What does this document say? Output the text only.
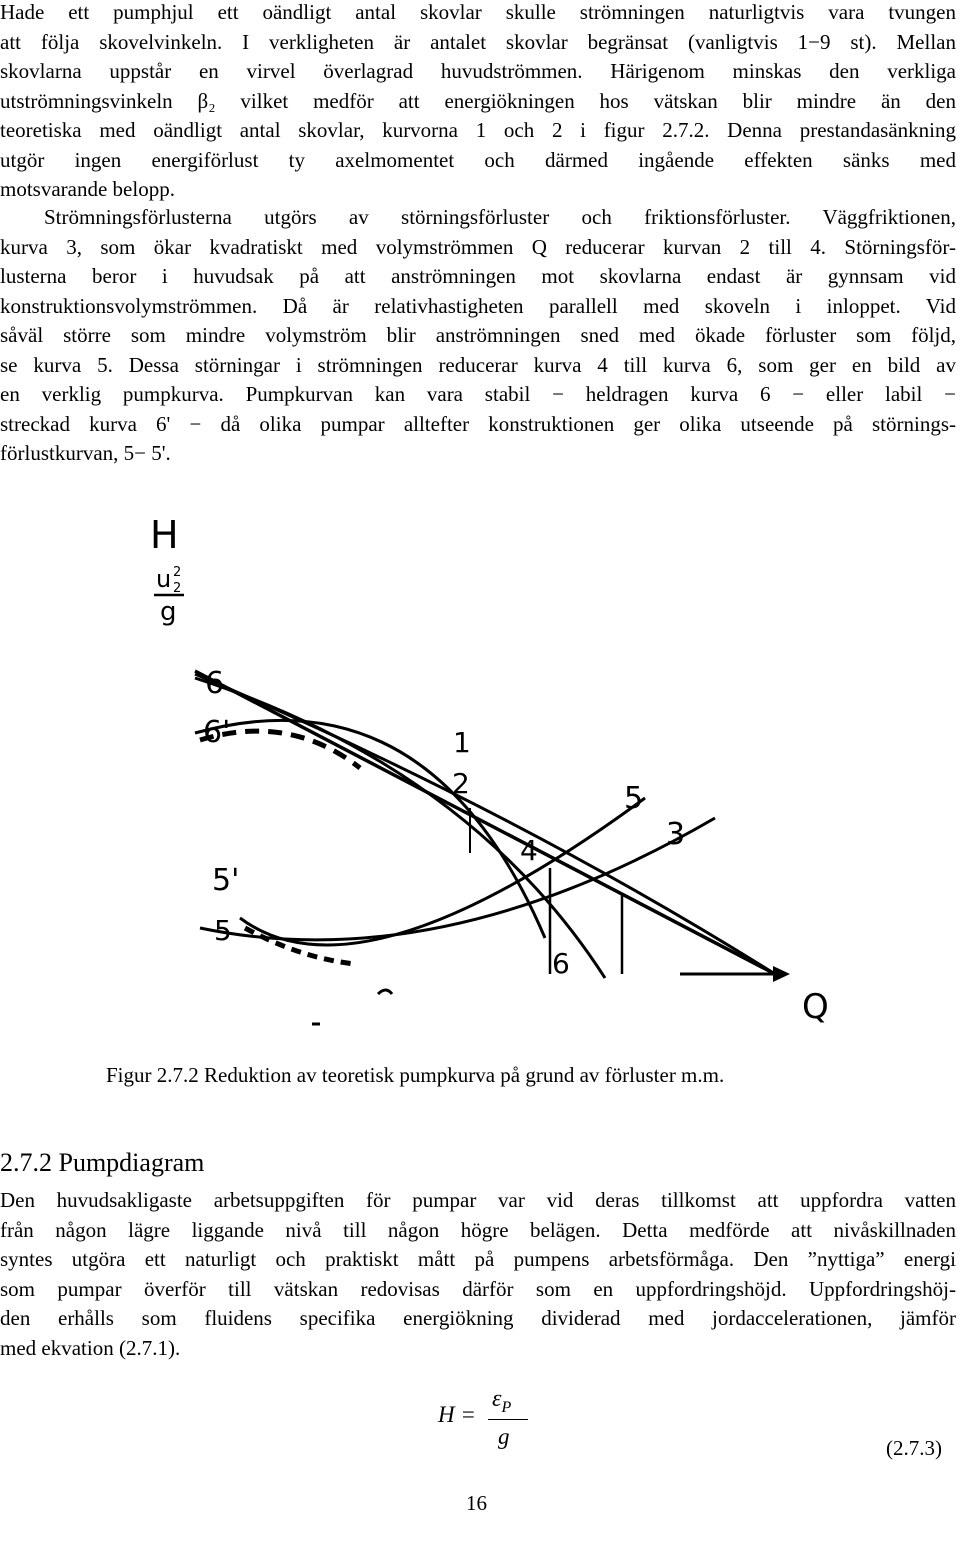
Hade ett pumphjul ett oändligt antal skovlar skulle strömningen naturligtvis vara tvungen
att följa skovelvinkeln. I verkligheten är antalet skovlar begränsat (vanligtvis 1−9 st). Mellan
skovlarna uppstår en virvel överlagrad huvudströmmen. Härigenom minskas den verkliga
utströmningsvinkeln β₂ vilket medför att energiökningen hos vätskan blir mindre än den
teoretiska med oändligt antal skovlar, kurvorna 1 och 2 i figur 2.7.2. Denna prestandasänkning
utgör ingen energiförlust ty axelmomentet och därmed ingående effekten sänks med
motsvarande belopp.
Strömningsförlusterna utgörs av störningsförluster och friktionsförluster. Väggfriktionen,
kurva 3, som ökar kvadratiskt med volymströmmen Q reducerar kurvan 2 till 4. Störningsför-
lusterna beror i huvudsak på att anströmningen mot skovlarna endast är gynnsam vid
konstruktionsvolymströmmen. Då är relativhastigheten parallell med skoveln i inloppet. Vid
såväl större som mindre volymström blir anströmningen sned med ökade förluster som följd,
se kurva 5. Dessa störningar i strömningen reducerar kurva 4 till kurva 6, som ger en bild av
en verklig pumpkurva. Pumpkurvan kan vara stabil − heldragen kurva 6 − eller labil −
streckad kurva 6' − då olika pumpar alltefter konstruktionen ger olika utseende på störnings-
förlustkurvan, 5− 5'.
H
u 2
2
g
Q
6
6'	1
2
4
5
3
5'
5
6
Figur 2.7.2 Reduktion av teoretisk pumpkurva på grund av förluster m.m.
2.7.2 Pumpdiagram
Den huvudsakligaste arbetsuppgiften för pumpar var vid deras tillkomst att uppfordra vatten
från någon lägre liggande nivå till någon högre belägen. Detta medförde att nivåskillnaden
syntes utgöra ett naturligt och praktiskt mått på pumpens arbetsförmåga. Den ”nyttiga” energi
som pumpar överför till vätskan redovisas därför som en uppfordringshöjd. Uppfordringshöj-
den erhålls som fluidens specifika energiökning dividerad med jordaccelerationen, jämför
med ekvation (2.7.1).
H =
$\varepsilon_P$
g	(2.7.3)
16
